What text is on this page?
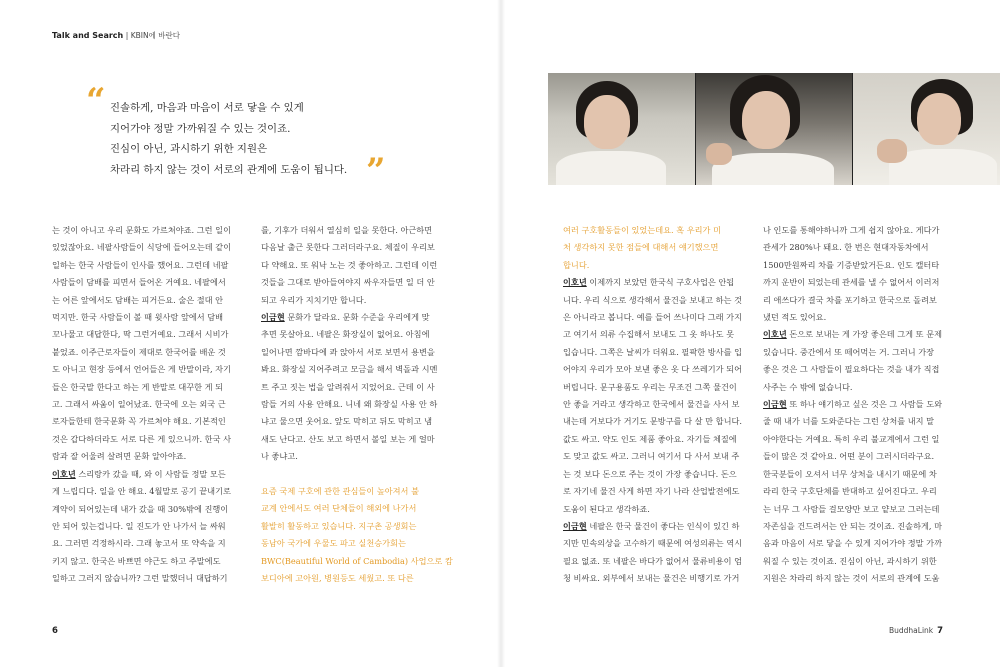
Talk and Search | KBIN에 바란다
“ 진솔하게, 마음과 마음이 서로 닿을 수 있게
지어가야 정말 가까워질 수 있는 것이죠.
진심이 아닌, 과시하기 위한 지원은
차라리 하지 않는 것이 서로의 관계에 도움이 됩니다. ”
는 것이 아니고 우리 문화도 가르쳐야죠. 그런 일이
있었잖아요. 네팔사람들이 식당에 들어오는데 같이
일하는 한국 사람들이 인사를 했어요. 그런데 네팔
사람들이 담배를 피면서 들어온 거예요. 네팔에서
는 어른 앞에서도 담배는 피거든요. 술은 절대 안
먹지만. 한국 사람들이 볼 때 윗사람 앞에서 담배
꼬나물고 대답한다, 딱 그런거예요. 그래서 시비가
붙었죠. 이주근로자들이 제대로 한국어를 배운 것
도 아니고 현장 등에서 언어들은 게 반말이라, 자기
들은 한국말 한다고 하는 게 반말로 대꾸한 게 되
고. 그래서 싸움이 일어났죠. 한국에 오는 외국 근
로자들한테 한국문화 꼭 가르쳐야 해요. 기본적인
것은 갑다하더라도 서로 다른 게 있으니까. 한국 사
람과 잘 어울려 살려면 문화 알아야죠.
이호년 스리랑카 갔을 때, 와 이 사람들 정말 모든
게 느립디다. 일을 안 해요. 4월말로 공기 끝내기로
계약이 되어있는데 내가 갔을 때 30%밖에 진행이
안 되어 있는겁니다. 일 진도가 안 나가서 늘 싸워
요. 그러면 걱정하시라. 그래 놓고서 또 약속을 지
키지 않고. 한국은 바쁘면 야근도 하고 주말에도
일하고 그러지 않습니까? 그런 말했더니 대답하기
를, 기후가 더워서 열심히 일을 못한다. 아근하면
다음날 출근 못한다 그러더라구요. 체질이 우리보
다 약해요. 또 워낙 노는 것 좋아하고. 그런데 이런
것들을 그대로 받아들여야지 싸우자들면 일 더 안
되고 우리가 지치기만 합니다.
이금현 문화가 달라요. 문화 수준을 우리에게 맞
추면 못살아요. 네팔은 화장실이 없어요. 아침에
일어나면 깜바다에 콰 앉아서 서로 보면서 용변을
봐요. 화장실 지어주려고 모금을 해서 벽돌과 시멘
트 주고 짓는 법을 알려줘서 지었어요. 근데 이 사
람들 거의 사용 안해요. 니네 왜 화장실 사용 안 하
냐고 물으면 웃어요. 앞도 막히고 뒤도 막히고 냄
새도 난다고. 산도 보고 하면서 볼일 보는 게 얼마
나 좋냐고.
요즘 국제 구호에 관한 관심들이 높아져서 불
교계 안에서도 여러 단체들이 해외에 나가서
활발히 활동하고 있습니다. 지구촌 공생회는
동남아 국가에 우물도 파고 실천승가회는
BWC(Beautiful World of Cambodia) 사업으로 캄
보디아에 고아원, 병원등도 세웠고. 또 다른
여러 구호활동들이 있었는데요. 혹 우리가 미
처 생각하지 못한 점들에 대해서 얘기했으면
합니다.
이호년 이제까지 보았던 한국식 구호사업은 안됩
니다. 우리 식으로 생각해서 물건을 보내고 하는 것
은 아니라고 봅니다. 예를 들어 쓰나미다 그래 가지
고 여기서 의류 수집해서 보내도 그 옷 하나도 못
입습니다. 그쪽은 날씨가 더워요. 필팍한 방사를 입
어야지 우리가 모아 보낸 좋은 옷 다 쓰레기가 되어
버립니다. 문구용품도 우리는 무조건 그쪽 물건이
안 좋을 거라고 생각하고 한국에서 물건을 사서 보
내는데 거보다가 거기도 문방구를 다 살 만 합니다.
값도 싸고. 약도 인도 제품 좋아요. 자기들 체질에
도 맞고 값도 싸고. 그러니 여기서 다 사서 보내 주
는 것 보다 돈으로 주는 것이 가장 좋습니다. 돈으
로 자기네 물건 사게 하면 자기 나라 산업발전에도
도움이 된다고 생각하죠.
이금현 네팔은 한국 물건이 좋다는 인식이 있긴 하
지만 민속의상을 고수하기 때문에 여성의류는 역시
필요 없죠. 또 네팔은 바다가 없어서 물류비용이 엄
청 비싸요. 외부에서 보내는 물건은 비행기로 가거
나 인도를 통해야하니까 그게 쉽지 않아요. 게다가
관세가 280%나 돼요. 한 번은 현대자동차에서
1500만원짜리 차를 기증받았거든요. 인도 캘터타
까지 운반이 되었는데 관세를 낼 수 없어서 이러저
리 애쓰다가 결국 차를 포기하고 한국으로 돌려보
냈던 적도 있어요.
이호년 돈으로 보내는 게 가장 좋은데 그게 또 문제
있습니다. 중간에서 또 떼어먹는 거. 그러니 가장
좋은 것은 그 사람들이 필요하다는 것을 내가 직접
사주는 수 밖에 없습니다.
이금현 또 하나 얘기하고 싶은 것은 그 사람들 도와
줄 때 내가 너를 도와준다는 그런 상처를 내지 말
아야한다는 거예요. 특히 우리 불교계에서 그런 일
들이 많은 것 같아요. 어떤 분이 그러시더라구요.
한국분들이 오셔서 너무 상처을 내시기 때문에 차
라리 한국 구호단체를 반대하고 싶어진다고. 우리
는 너무 그 사람들 걸모양만 보고 얕보고 그러는데
자존심을 건드려서는 안 되는 것이죠. 진솔하게, 마
음과 마음이 서로 닿을 수 있게 지어가야 정말 가까
워질 수 있는 것이죠. 진심이 아닌, 과시하기 위한
지원은 차라리 하지 않는 것이 서로의 관계에 도움
6	BuddhaLink 7
